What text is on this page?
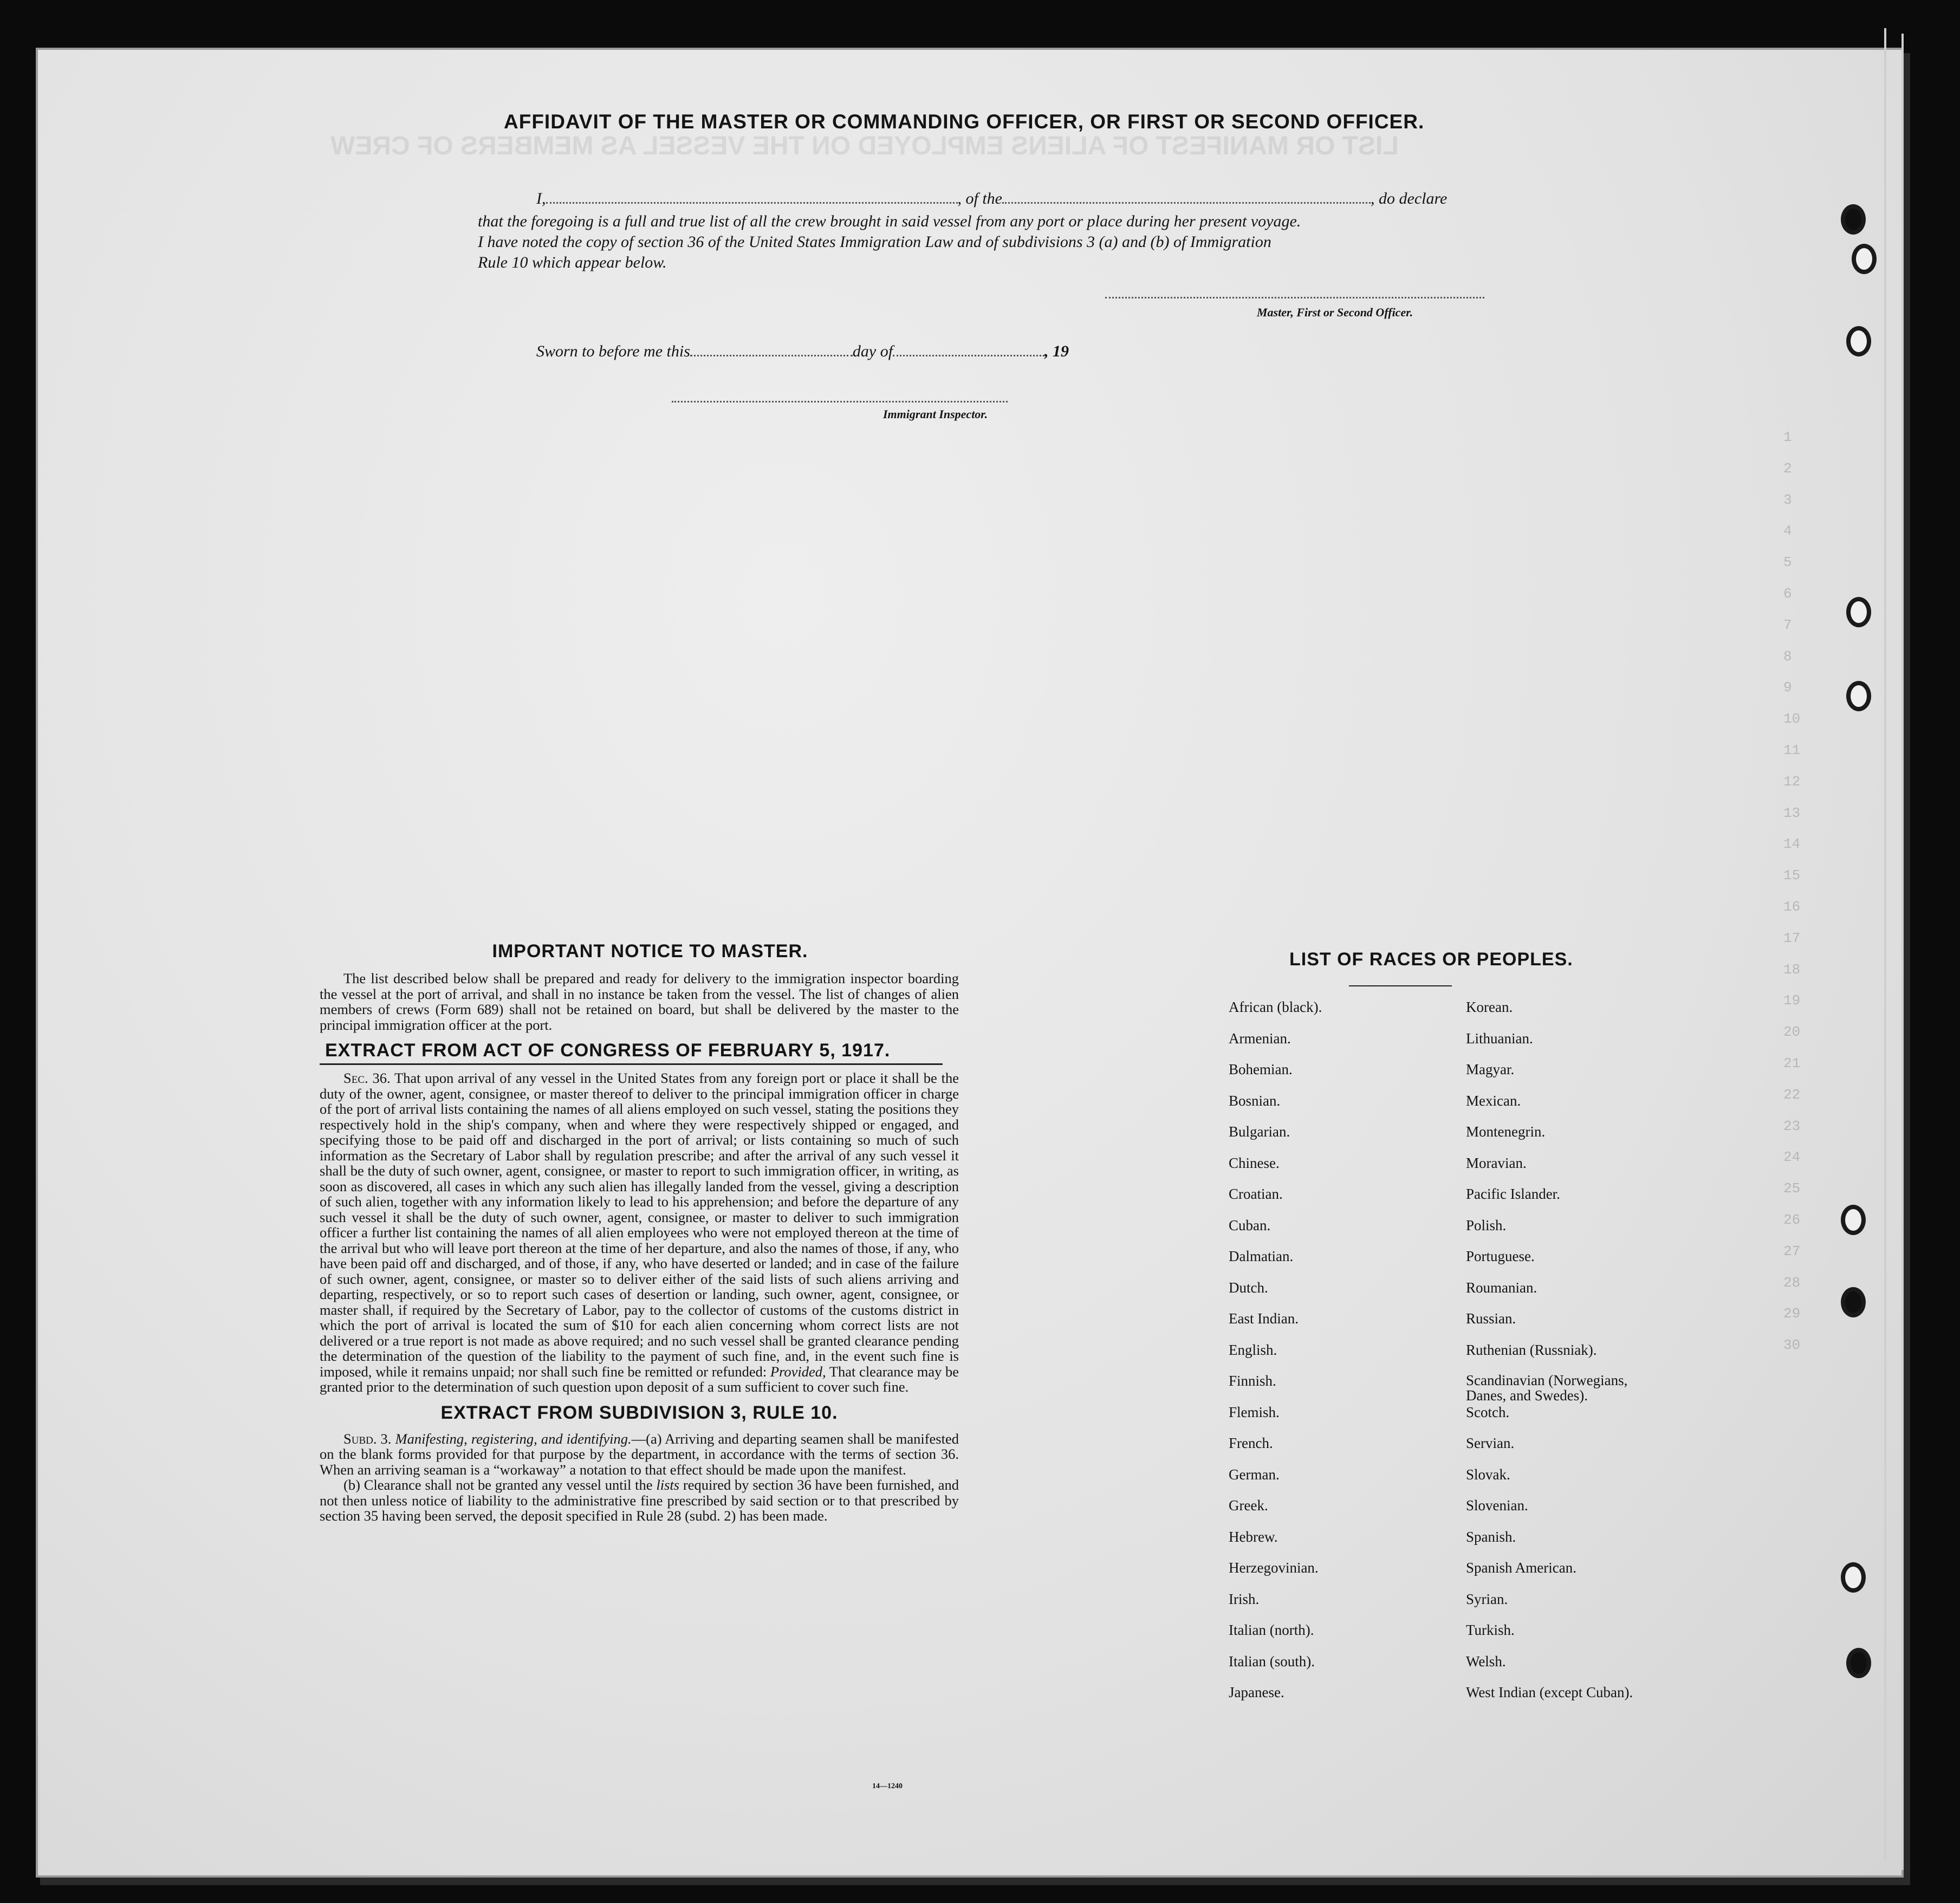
LIST OR MANIFEST OF ALIENS EMPLOYED ON THE VESSEL AS MEMBERS OF CREW
1
2
3
4
5
6
7
8
9
10
11
12
13
14
15
16
17
18
19
20
21
22
23
24
25
26
27
28
29
30
AFFIDAVIT OF THE MASTER OR COMMANDING OFFICER, OR FIRST OR SECOND OFFICER.
I,	, of the	, do declare
that the foregoing is a full and true list of all the crew brought in said vessel from any port or place during her present voyage.
I have noted the copy of section 36 of the United States Immigration Law and of subdivisions 3 (a) and (b) of Immigration
Rule 10 which appear below.
Master, First or Second Officer.
Sworn to before me this	day of	, 19
Immigrant Inspector.
IMPORTANT NOTICE TO MASTER.

The list described below shall be prepared and ready for delivery to the immigration inspector boarding the vessel at the port of arrival, and shall in no instance be taken from the vessel. The list of changes of alien members of crews (Form 689) shall not be retained on board, but shall be delivered by the master to the principal immigration officer at the port.

EXTRACT FROM ACT OF CONGRESS OF FEBRUARY 5, 1917.

Sec. 36. That upon arrival of any vessel in the United States from any foreign port or place it shall be the duty of the owner, agent, consignee, or master thereof to deliver to the principal immigration officer in charge of the port of arrival lists containing the names of all aliens employed on such vessel, stating the positions they respectively hold in the ship's company, when and where they were respectively shipped or engaged, and specifying those to be paid off and discharged in the port of arrival; or lists containing so much of such information as the Secretary of Labor shall by regulation prescribe; and after the arrival of any such vessel it shall be the duty of such owner, agent, consignee, or master to report to such immigration officer, in writing, as soon as discovered, all cases in which any such alien has illegally landed from the vessel, giving a description of such alien, together with any information likely to lead to his apprehension; and before the departure of any such vessel it shall be the duty of such owner, agent, consignee, or master to deliver to such immigration officer a further list containing the names of all alien employees who were not employed thereon at the time of the arrival but who will leave port thereon at the time of her departure, and also the names of those, if any, who have been paid off and discharged, and of those, if any, who have deserted or landed; and in case of the failure of such owner, agent, consignee, or master so to deliver either of the said lists of such aliens arriving and departing, respectively, or so to report such cases of desertion or landing, such owner, agent, consignee, or master shall, if required by the Secretary of Labor, pay to the collector of customs of the customs district in which the port of arrival is located the sum of $10 for each alien concerning whom correct lists are not delivered or a true report is not made as above required; and no such vessel shall be granted clearance pending the determination of the question of the liability to the payment of such fine, and, in the event such fine is imposed, while it remains unpaid; nor shall such fine be remitted or refunded: Provided, That clearance may be granted prior to the determination of such question upon deposit of a sum sufficient to cover such fine.

EXTRACT FROM SUBDIVISION 3, RULE 10.

Subd. 3. Manifesting, registering, and identifying.—(a) Arriving and departing seamen shall be manifested on the blank forms provided for that purpose by the department, in accordance with the terms of section 36. When an arriving seaman is a “workaway” a notation to that effect should be made upon the manifest.

(b) Clearance shall not be granted any vessel until the lists required by section 36 have been furnished, and not then unless notice of liability to the administrative fine prescribed by said section or to that prescribed by section 35 having been served, the deposit specified in Rule 28 (subd. 2) has been made.

14—1240
LIST OF RACES OR PEOPLES.
African (black).
Armenian.
Bohemian.
Bosnian.
Bulgarian.
Chinese.
Croatian.
Cuban.
Dalmatian.
Dutch.
East Indian.
English.
Finnish.
Flemish.
French.
German.
Greek.
Hebrew.
Herzegovinian.
Irish.
Italian (north).
Italian (south).
Japanese.
Korean.
Lithuanian.
Magyar.
Mexican.
Montenegrin.
Moravian.
Pacific Islander.
Polish.
Portuguese.
Roumanian.
Russian.
Ruthenian (Russniak).
Scandinavian (Norwegians,
Danes, and Swedes).
Scotch.
Servian.
Slovak.
Slovenian.
Spanish.
Spanish American.
Syrian.
Turkish.
Welsh.
West Indian (except Cuban).
